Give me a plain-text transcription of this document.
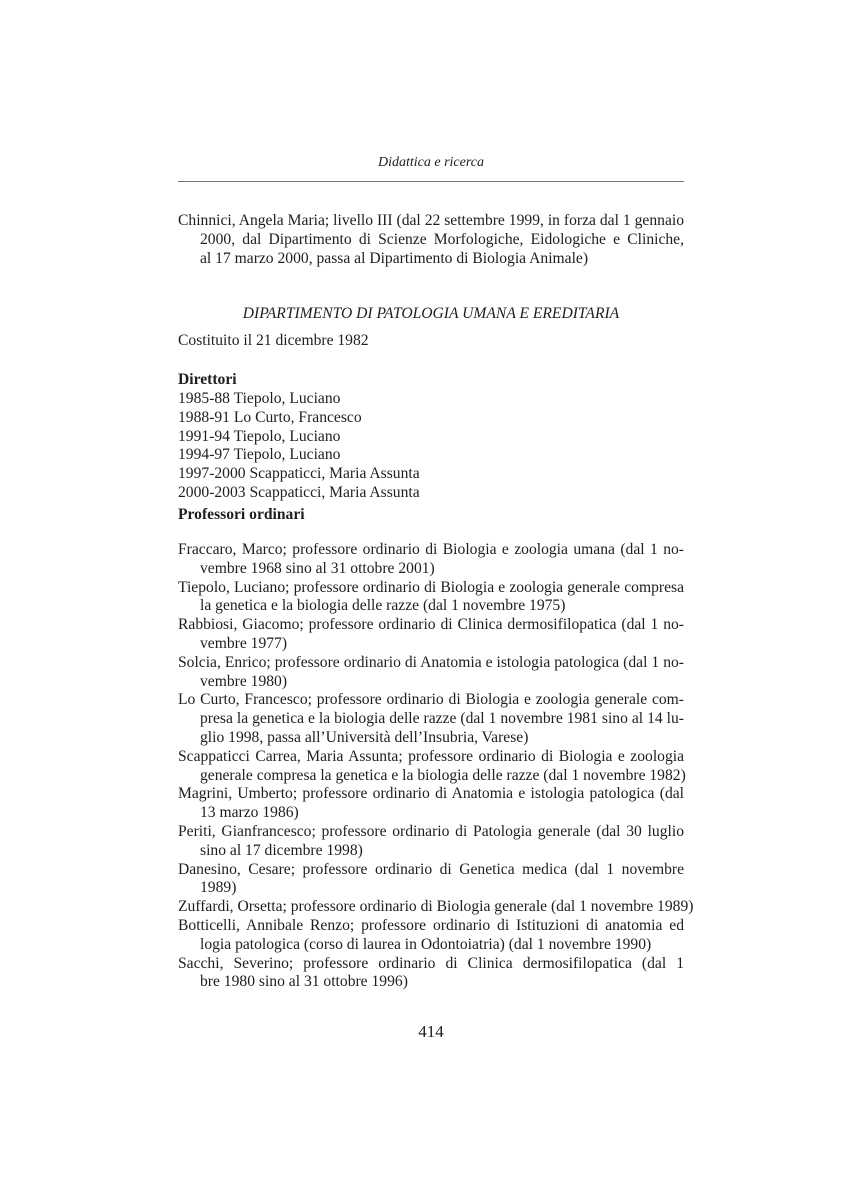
Didattica e ricerca
Chinnici, Angela Maria; livello III (dal 22 settembre 1999, in forza dal 1 gennaio
2000, dal Dipartimento di Scienze Morfologiche, Eidologiche e Cliniche,
al 17 marzo 2000, passa al Dipartimento di Biologia Animale)
DIPARTIMENTO DI PATOLOGIA UMANA E EREDITARIA
Costituito il 21 dicembre 1982
Direttori
1985-88 Tiepolo, Luciano
1988-91 Lo Curto, Francesco
1991-94 Tiepolo, Luciano
1994-97 Tiepolo, Luciano
1997-2000 Scappaticci, Maria Assunta
2000-2003 Scappaticci, Maria Assunta
Professori ordinari
Fraccaro, Marco; professore ordinario di Biologia e zoologia umana (dal 1 no-
vembre 1968 sino al 31 ottobre 2001)
Tiepolo, Luciano; professore ordinario di Biologia e zoologia generale compresa
la genetica e la biologia delle razze (dal 1 novembre 1975)
Rabbiosi, Giacomo; professore ordinario di Clinica dermosifilopatica (dal 1 no-
vembre 1977)
Solcia, Enrico; professore ordinario di Anatomia e istologia patologica (dal 1 no-
vembre 1980)
Lo Curto, Francesco; professore ordinario di Biologia e zoologia generale com-
presa la genetica e la biologia delle razze (dal 1 novembre 1981 sino al 14 lu-
glio 1998, passa all’Università dell’Insubria, Varese)
Scappaticci Carrea, Maria Assunta; professore ordinario di Biologia e zoologia
generale compresa la genetica e la biologia delle razze (dal 1 novembre 1982)
Magrini, Umberto; professore ordinario di Anatomia e istologia patologica (dal
13 marzo 1986)
Periti, Gianfrancesco; professore ordinario di Patologia generale (dal 30 luglio
sino al 17 dicembre 1998)
Danesino, Cesare; professore ordinario di Genetica medica (dal 1 novembre
1989)
Zuffardi, Orsetta; professore ordinario di Biologia generale (dal 1 novembre 1989)
Botticelli, Annibale Renzo; professore ordinario di Istituzioni di anatomia ed
logia patologica (corso di laurea in Odontoiatria) (dal 1 novembre 1990)
Sacchi, Severino; professore ordinario di Clinica dermosifilopatica (dal 1
bre 1980 sino al 31 ottobre 1996)
414
